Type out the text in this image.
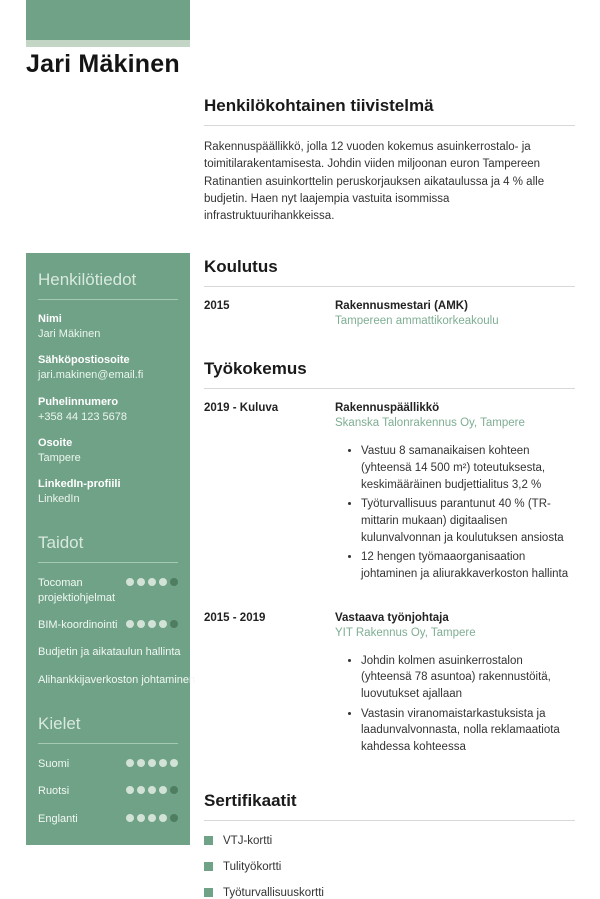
Jari Mäkinen
Henkilötiedot
Nimi
Jari Mäkinen
Sähköpostiosoite
jari.makinen@email.fi
Puhelinnumero
+358 44 123 5678
Osoite
Tampere
LinkedIn-profiili
LinkedIn
Taidot
Tocoman projektiohjelmat
BIM-koordinointi
Budjetin ja aikataulun hallinta
Alihankkijaverkoston johtaminen
Kielet
Suomi
Ruotsi
Englanti
Henkilökohtainen tiivistelmä

Rakennuspäällikkö, jolla 12 vuoden kokemus asuinkerrostalo- ja toimitilarakentamisesta. Johdin viiden miljoonan euron Tampereen Ratinantien asuinkorttelin peruskorjauksen aikataulussa ja 4 % alle budjetin. Haen nyt laajempia vastuita isommissa infrastruktuurihankkeissa.

Koulutus
2015	Rakennusmestari (AMK)
Tampereen ammattikorkeakoulu
Työkokemus
2019 - Kuluva	Rakennuspäällikkö
Skanska Talonrakennus Oy, Tampere
• Vastuu 8 samanaikaisen kohteen (yhteensä 14 500 m²) toteutuksesta, keskimääräinen budjettialitus 3,2 %
• Työturvallisuus parantunut 40 % (TR-mittarin mukaan) digitaalisen kulunvalvonnan ja koulutuksen ansiosta
• 12 hengen työmaaorganisaation johtaminen ja aliurakkaverkoston hallinta
2015 - 2019	Vastaava työnjohtaja
YIT Rakennus Oy, Tampere
• Johdin kolmen asuinkerrostalon (yhteensä 78 asuntoa) rakennustöitä, luovutukset ajallaan
• Vastasin viranomaistarkastuksista ja laadunvalvonnasta, nolla reklamaatiota kahdessa kohteessa
Sertifikaatit
VTJ-kortti
Tulityökortti
Työturvallisuuskortti
